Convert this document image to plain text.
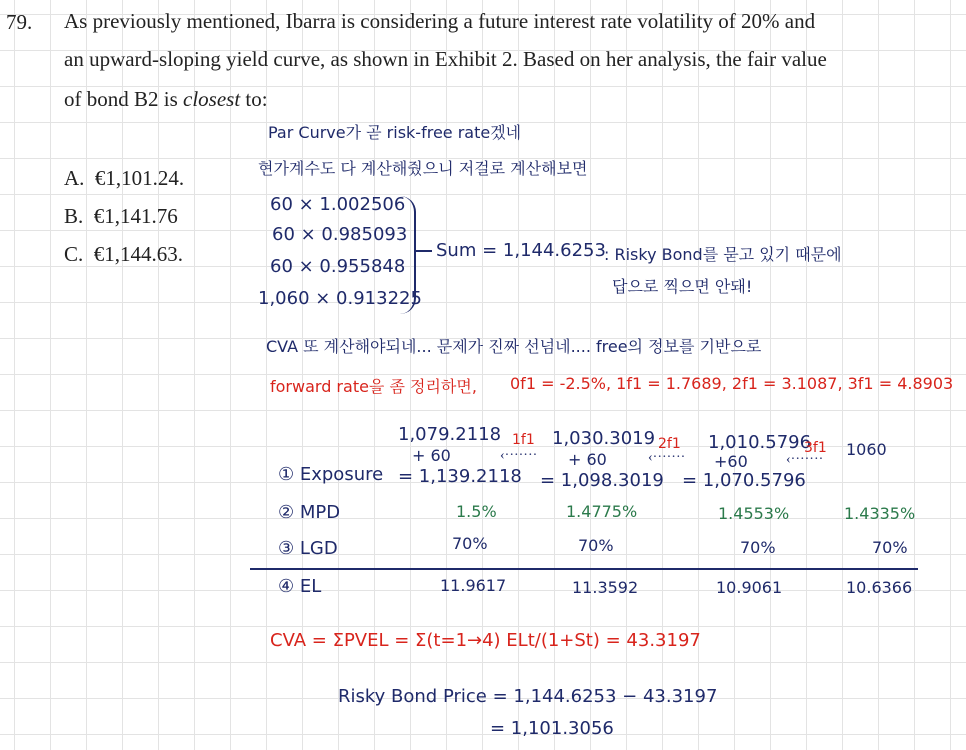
79. As previously mentioned, Ibarra is considering a future interest rate volatility of 20% and
an upward-sloping yield curve, as shown in Exhibit 2. Based on her analysis, the fair value
of bond B2 is closest to:
A. €1,101.24.
B. €1,141.76
C. €1,144.63.
Par Curve가 곧 risk-free rate겠네
현가계수도 다 계산해줬으니 저걸로 계산해보면
60 × 1.002506
60 × 0.985093
60 × 0.955848
1,060 × 0.913225
Sum = 1,144.6253
: Risky Bond를 묻고 있기 때문에
답으로 찍으면 안돼!
CVA 또 계산해야되네... 문제가 진짜 선넘네.... free의 정보를 기반으로
forward rate을 좀 정리하면, 0f1 = -2.5%, 1f1 = 1.7689, 2f1 = 3.1087, 3f1 = 4.8903
1,079.2118	1,030.3019	1,010.5796 1060
1f1	2f1	3f1
+ 60	+ 60	+60
‹·······	‹·······	‹·······
① Exposure = 1,139.2118 = 1,098.3019 = 1,070.5796
② MPD	1.5%	1.4775%	1.4553%	1.4335%
③ LGD	70%	70%	70%	70%
④ EL	11.9617	11.3592	10.9061	10.6366
CVA = ΣPVEL = Σ(t=1→4) ELt/(1+St) = 43.3197
Risky Bond Price = 1,144.6253 − 43.3197
= 1,101.3056
